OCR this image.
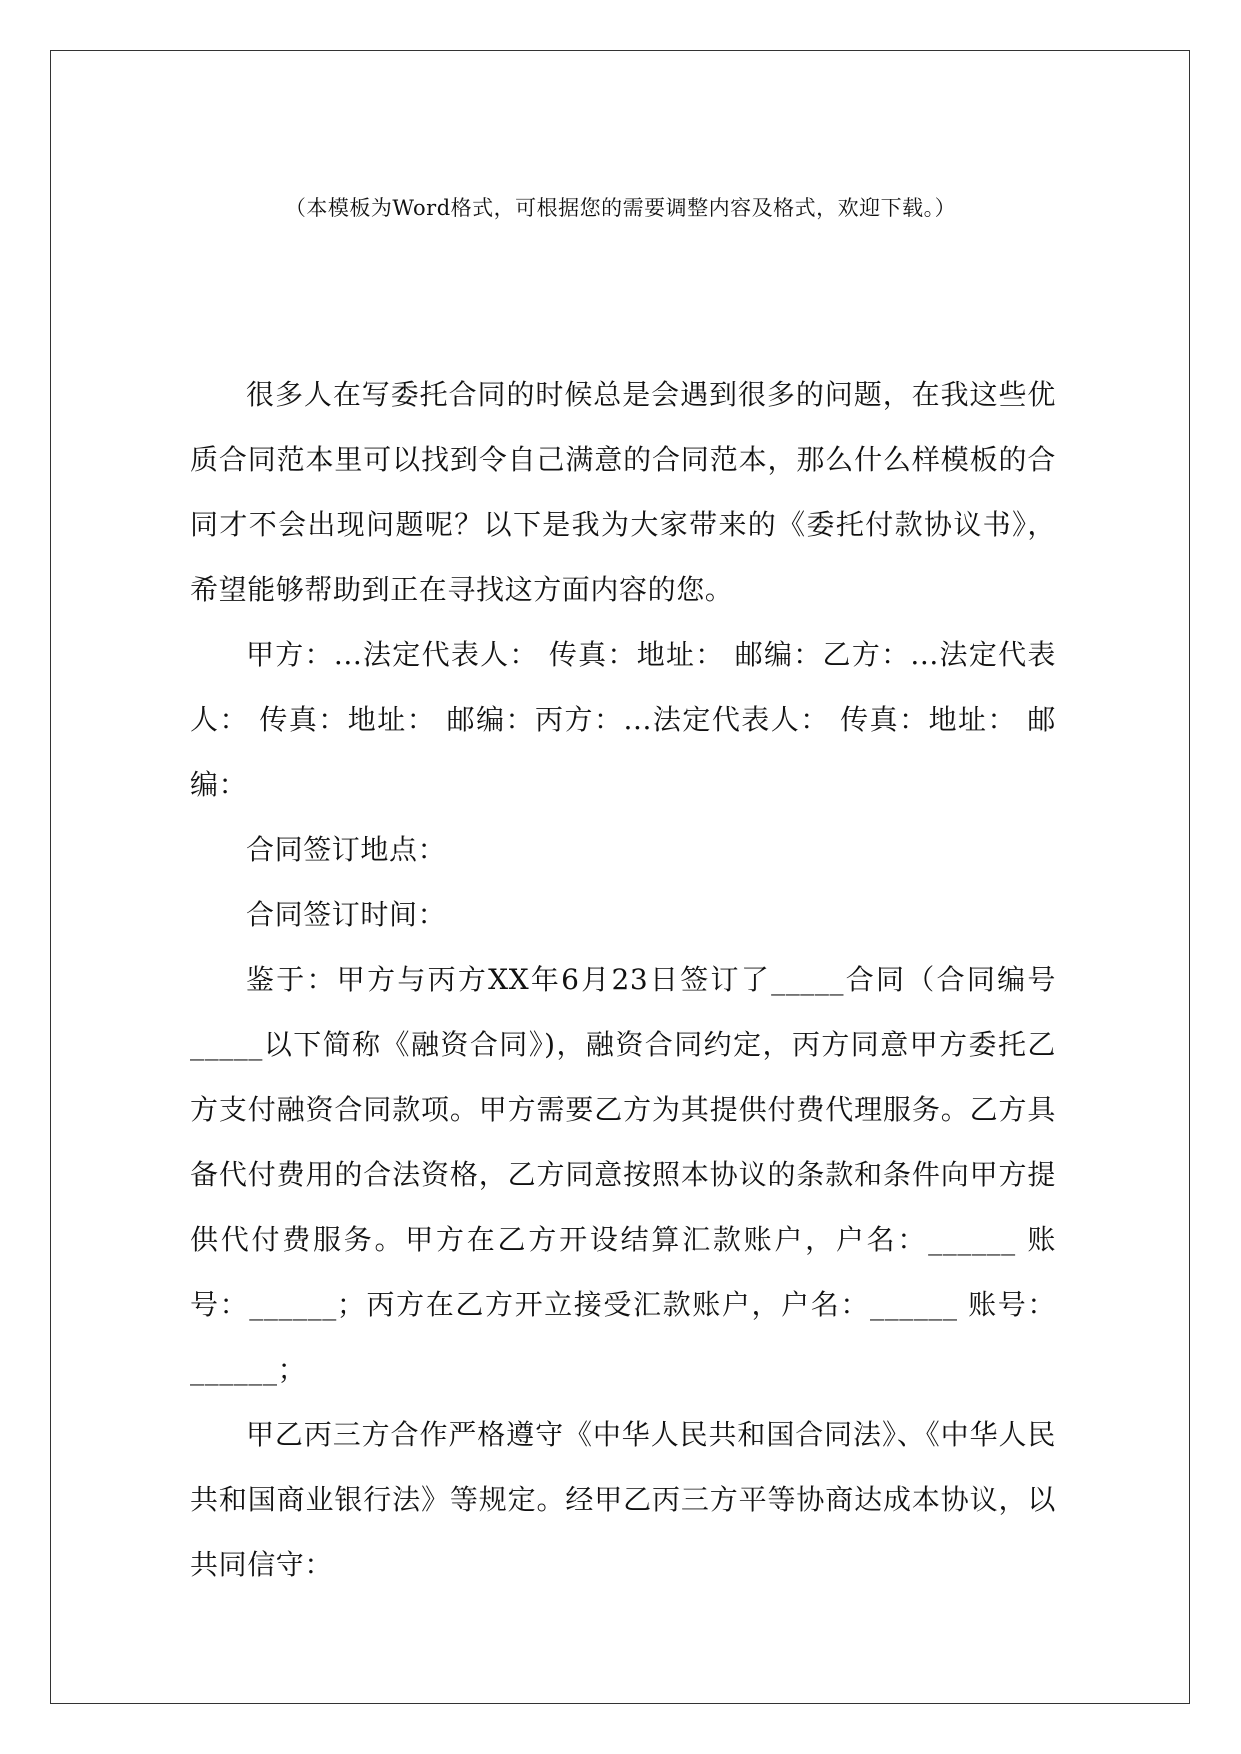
（本模板为Word格式，可根据您的需要调整内容及格式，欢迎下载。）

很多人在写委托合同的时候总是会遇到很多的问题，在我这些优质合同范本里可以找到令自己满意的合同范本，那么什么样模板的合同才不会出现问题呢？以下是我为大家带来的《委托付款协议书》，希望能够帮助到正在寻找这方面内容的您。

甲方：...法定代表人： 传真：地址： 邮编：乙方：...法定代表人： 传真：地址： 邮编：丙方：...法定代表人： 传真：地址： 邮编：

合同签订地点：

合同签订时间：

鉴于：甲方与丙方XX年6月23日签订了_____合同（合同编号_____以下简称《融资合同》)，融资合同约定，丙方同意甲方委托乙方支付融资合同款项。甲方需要乙方为其提供付费代理服务。乙方具备代付费用的合法资格，乙方同意按照本协议的条款和条件向甲方提供代付费服务。甲方在乙方开设结算汇款账户，户名：______ 账号：______；丙方在乙方开立接受汇款账户，户名：______ 账号：______；

甲乙丙三方合作严格遵守《中华人民共和国合同法》、《中华人民共和国商业银行法》等规定。经甲乙丙三方平等协商达成本协议，以共同信守：
